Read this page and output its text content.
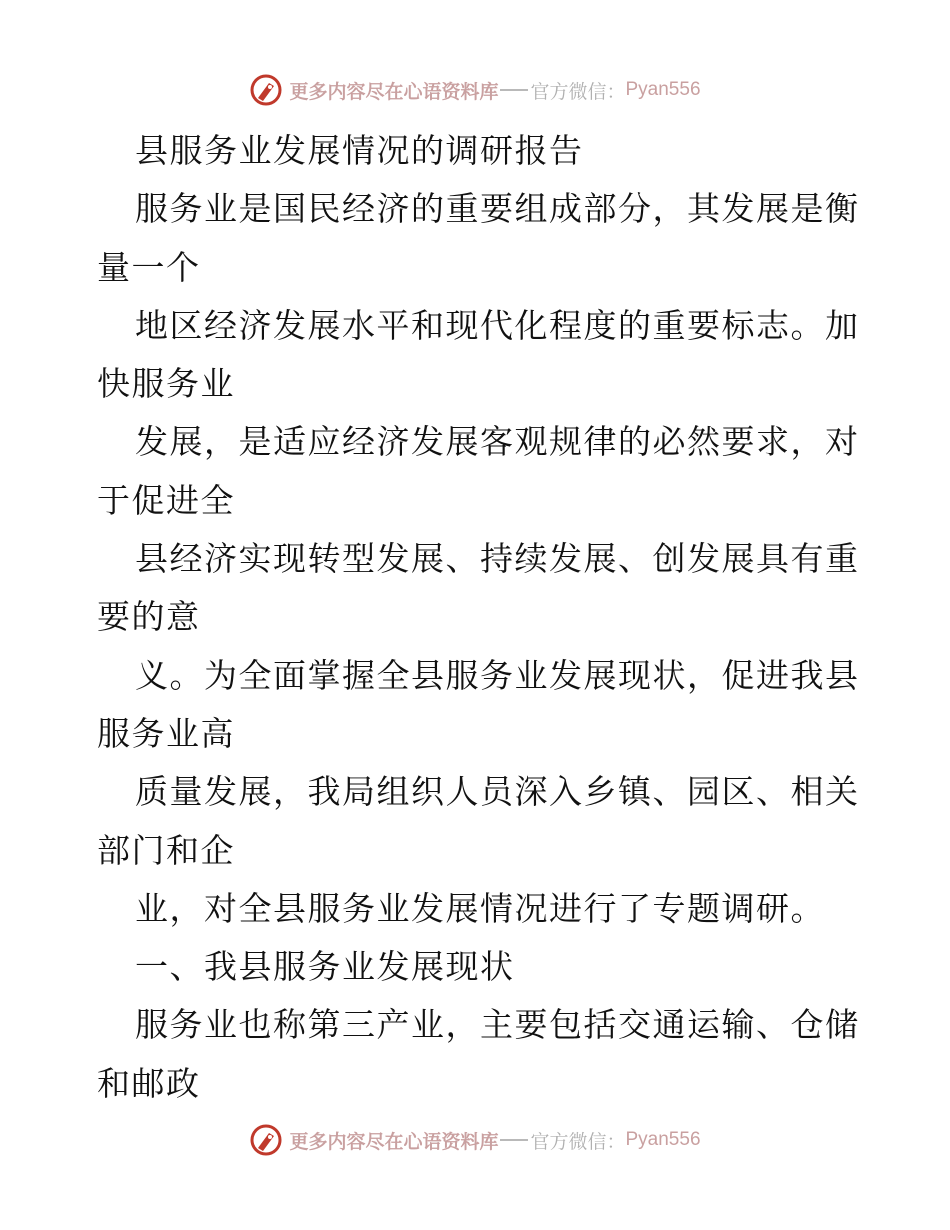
更多内容尽在心语资料库 官方微信： Pyan556
县服务业发展情况的调研报告
服务业是国民经济的重要组成部分，其发展是衡
量一个
地区经济发展水平和现代化程度的重要标志。加
快服务业
发展，是适应经济发展客观规律的必然要求，对
于促进全
县经济实现转型发展、持续发展、创发展具有重
要的意
义。为全面掌握全县服务业发展现状，促进我县
服务业高
质量发展，我局组织人员深入乡镇、园区、相关
部门和企
业，对全县服务业发展情况进行了专题调研。
一、我县服务业发展现状
服务业也称第三产业，主要包括交通运输、仓储
和邮政
更多内容尽在心语资料库 官方微信： Pyan556
